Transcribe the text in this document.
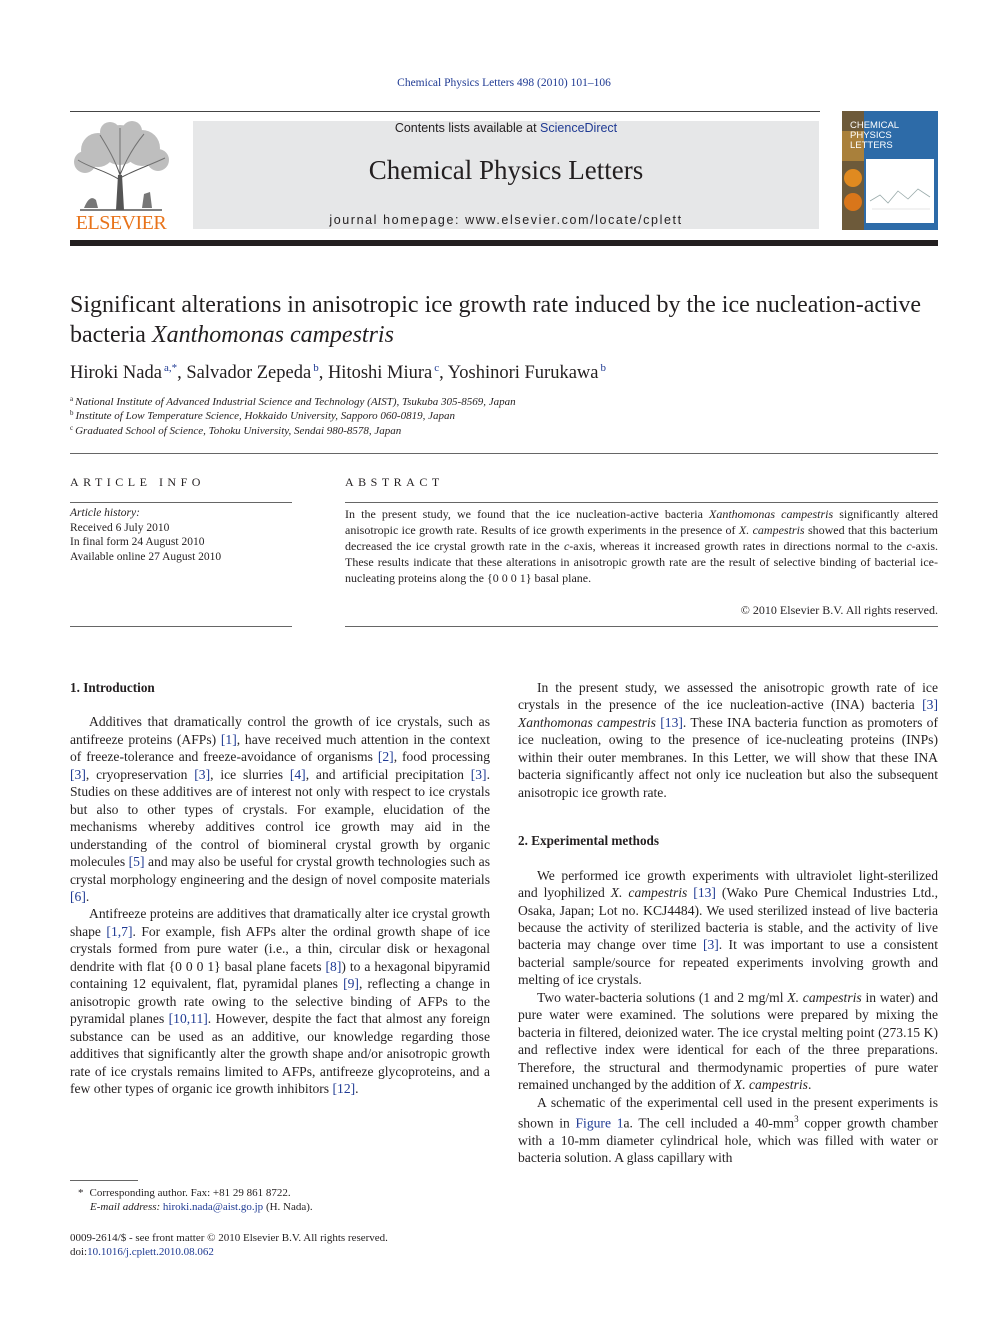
Chemical Physics Letters 498 (2010) 101–106
ELSEVIER
Contents lists available at ScienceDirect
Chemical Physics Letters
journal homepage: www.elsevier.com/locate/cplett
CHEMICAL
PHYSICS
LETTERS
Significant alterations in anisotropic ice growth rate induced by the ice nucleation-active bacteria Xanthomonas campestris
Hiroki Nada $^{a,*}$, Salvador Zepeda $^b$, Hitoshi Miura $^c$, Yoshinori Furukawa $^b$
$^a$ National Institute of Advanced Industrial Science and Technology (AIST), Tsukuba 305-8569, Japan
$^b$ Institute of Low Temperature Science, Hokkaido University, Sapporo 060-0819, Japan
$^c$ Graduated School of Science, Tohoku University, Sendai 980-8578, Japan
ARTICLE INFO
Article history:
Received 6 July 2010
In final form 24 August 2010
Available online 27 August 2010
ABSTRACT
In the present study, we found that the ice nucleation-active bacteria Xanthomonas campestris significantly altered anisotropic ice growth rate. Results of ice growth experiments in the presence of X. campestris showed that this bacterium decreased the ice crystal growth rate in the c-axis, whereas it increased growth rates in directions normal to the c-axis. These results indicate that these alterations in anisotropic growth rate are the result of selective binding of bacterial ice-nucleating proteins along the {0 0 0 1} basal plane.
© 2010 Elsevier B.V. All rights reserved.
1. Introduction

Additives that dramatically control the growth of ice crystals, such as antifreeze proteins (AFPs) [1], have received much attention in the context of freeze-tolerance and freeze-avoidance of organisms [2], food processing [3], cryopreservation [3], ice slurries [4], and artificial precipitation [3]. Studies on these additives are of interest not only with respect to ice crystals but also to other types of crystals. For example, elucidation of the mechanisms whereby additives control ice growth may aid in the understanding of the control of biomineral crystal growth by organic molecules [5] and may also be useful for crystal growth technologies such as crystal morphology engineering and the design of novel composite materials [6].

Antifreeze proteins are additives that dramatically alter ice crystal growth shape [1,7]. For example, fish AFPs alter the ordinal growth shape of ice crystals formed from pure water (i.e., a thin, circular disk or hexagonal dendrite with flat {0 0 0 1} basal plane facets [8]) to a hexagonal bipyramid containing 12 equivalent, flat, pyramidal planes [9], reflecting a change in anisotropic growth rate owing to the selective binding of AFPs to the pyramidal planes [10,11]. However, despite the fact that almost any foreign substance can be used as an additive, our knowledge regarding those additives that significantly alter the growth shape and/or anisotropic growth rate of ice crystals remains limited to AFPs, antifreeze glycoproteins, and a few other types of organic ice growth inhibitors [12].

In the present study, we assessed the anisotropic growth rate of ice crystals in the presence of the ice nucleation-active (INA) bacteria [3] Xanthomonas campestris [13]. These INA bacteria function as promoters of ice nucleation, owing to the presence of ice-nucleating proteins (INPs) within their outer membranes. In this Letter, we will show that these INA bacteria significantly affect not only ice nucleation but also the subsequent anisotropic ice growth rate.

2. Experimental methods

We performed ice growth experiments with ultraviolet light-sterilized and lyophilized X. campestris [13] (Wako Pure Chemical Industries Ltd., Osaka, Japan; Lot no. KCJ4484). We used sterilized instead of live bacteria because the activity of sterilized bacteria is stable, and the activity of live bacteria may change over time [3]. It was important to use a consistent bacterial sample/source for repeated experiments involving growth and melting of ice crystals.

Two water-bacteria solutions (1 and 2 mg/ml X. campestris in water) and pure water were examined. The solutions were prepared by mixing the bacteria in filtered, deionized water. The ice crystal melting point (273.15 K) and reflective index were identical for each of the three preparations. Therefore, the structural and thermodynamic properties of pure water remained unchanged by the addition of X. campestris.

A schematic of the experimental cell used in the present experiments is shown in Figure 1a. The cell included a $40-mm^3$ copper growth chamber with a 10-mm diameter cylindrical hole, which was filled with water or bacteria solution. A glass capillary with

* Corresponding author. Fax: +81 29 861 8722.
E-mail address: hiroki.nada@aist.go.jp (H. Nada).
0009-2614/$ - see front matter © 2010 Elsevier B.V. All rights reserved.
doi:10.1016/j.cplett.2010.08.062
